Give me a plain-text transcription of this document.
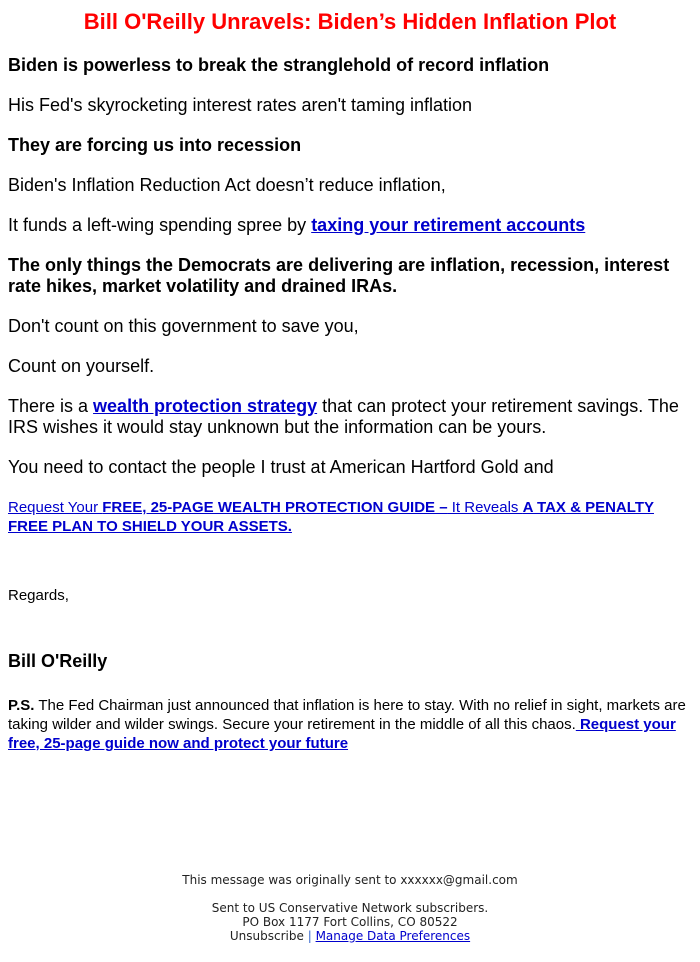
Bill O'Reilly Unravels: Biden’s Hidden Inflation Plot

Biden is powerless to break the stranglehold of record inflation

His Fed's skyrocketing interest rates aren't taming inflation

They are forcing us into recession

Biden's Inflation Reduction Act doesn’t reduce inflation,

It funds a left-wing spending spree by taxing your retirement accounts

The only things the Democrats are delivering are inflation, recession, interest rate hikes, market volatility and drained IRAs.

Don't count on this government to save you,

Count on yourself.

There is a wealth protection strategy that can protect your retirement savings. The IRS wishes it would stay unknown but the information can be yours.

You need to contact the people I trust at American Hartford Gold and

Request Your FREE, 25-PAGE WEALTH PROTECTION GUIDE – It Reveals A TAX & PENALTY FREE PLAN TO SHIELD YOUR ASSETS.

Regards,

Bill O'Reilly

P.S. The Fed Chairman just announced that inflation is here to stay. With no relief in sight, markets are taking wilder and wilder swings. Secure your retirement in the middle of all this chaos. Request your free, 25-page guide now and protect your future

This message was originally sent to xxxxxx@gmail.com
Sent to US Conservative Network subscribers.
PO Box 1177 Fort Collins, CO 80522
Unsubscribe | Manage Data Preferences
